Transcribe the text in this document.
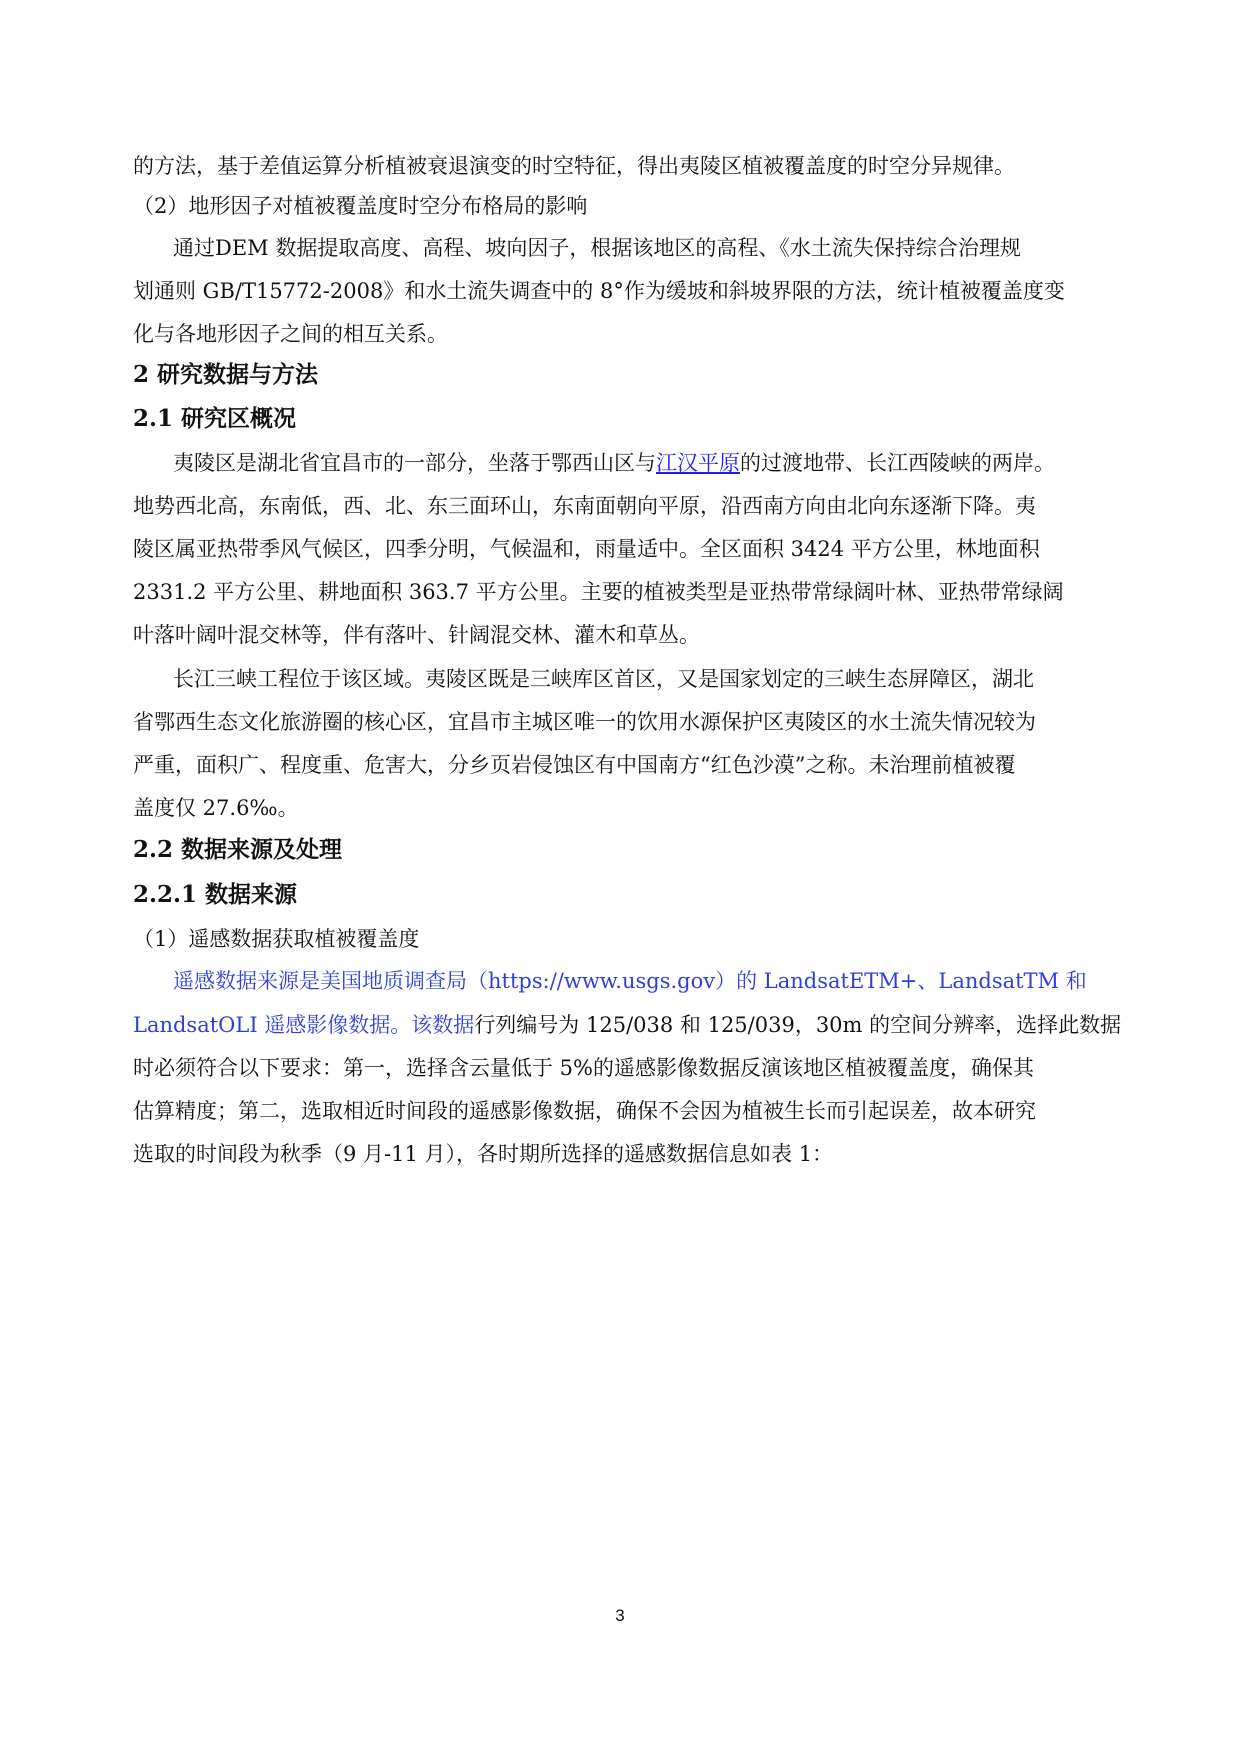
的方法，基于差值运算分析植被衰退演变的时空特征，得出夷陵区植被覆盖度的时空分异规律。
（2）地形因子对植被覆盖度时空分布格局的影响
通过DEM 数据提取高度、高程、坡向因子，根据该地区的高程、《水土流失保持综合治理规
划通则 GB/T15772-2008》和水土流失调查中的 8°作为缓坡和斜坡界限的方法，统计植被覆盖度变
化与各地形因子之间的相互关系。
2 研究数据与方法
2.1 研究区概况
夷陵区是湖北省宜昌市的一部分，坐落于鄂西山区与江汉平原的过渡地带、长江西陵峡的两岸。
地势西北高，东南低，西、北、东三面环山，东南面朝向平原，沿西南方向由北向东逐渐下降。夷
陵区属亚热带季风气候区，四季分明，气候温和，雨量适中。全区面积 3424 平方公里，林地面积
2331.2 平方公里、耕地面积 363.7 平方公里。主要的植被类型是亚热带常绿阔叶林、亚热带常绿阔
叶落叶阔叶混交林等，伴有落叶、针阔混交林、灌木和草丛。
长江三峡工程位于该区域。夷陵区既是三峡库区首区，又是国家划定的三峡生态屏障区，湖北
省鄂西生态文化旅游圈的核心区，宜昌市主城区唯一的饮用水源保护区夷陵区的水土流失情况较为
严重，面积广、程度重、危害大，分乡页岩侵蚀区有中国南方“红色沙漠”之称。未治理前植被覆
盖度仅 27.6‰。
2.2 数据来源及处理
2.2.1 数据来源
（1）遥感数据获取植被覆盖度
遥感数据来源是美国地质调查局（https://www.usgs.gov）的 LandsatETM+、LandsatTM 和
LandsatOLI 遥感影像数据。该数据行列编号为 125/038 和 125/039，30m 的空间分辨率，选择此数据
时必须符合以下要求：第一，选择含云量低于 5%的遥感影像数据反演该地区植被覆盖度，确保其
估算精度；第二，选取相近时间段的遥感影像数据，确保不会因为植被生长而引起误差，故本研究
选取的时间段为秋季（9 月-11 月），各时期所选择的遥感数据信息如表 1：
3
